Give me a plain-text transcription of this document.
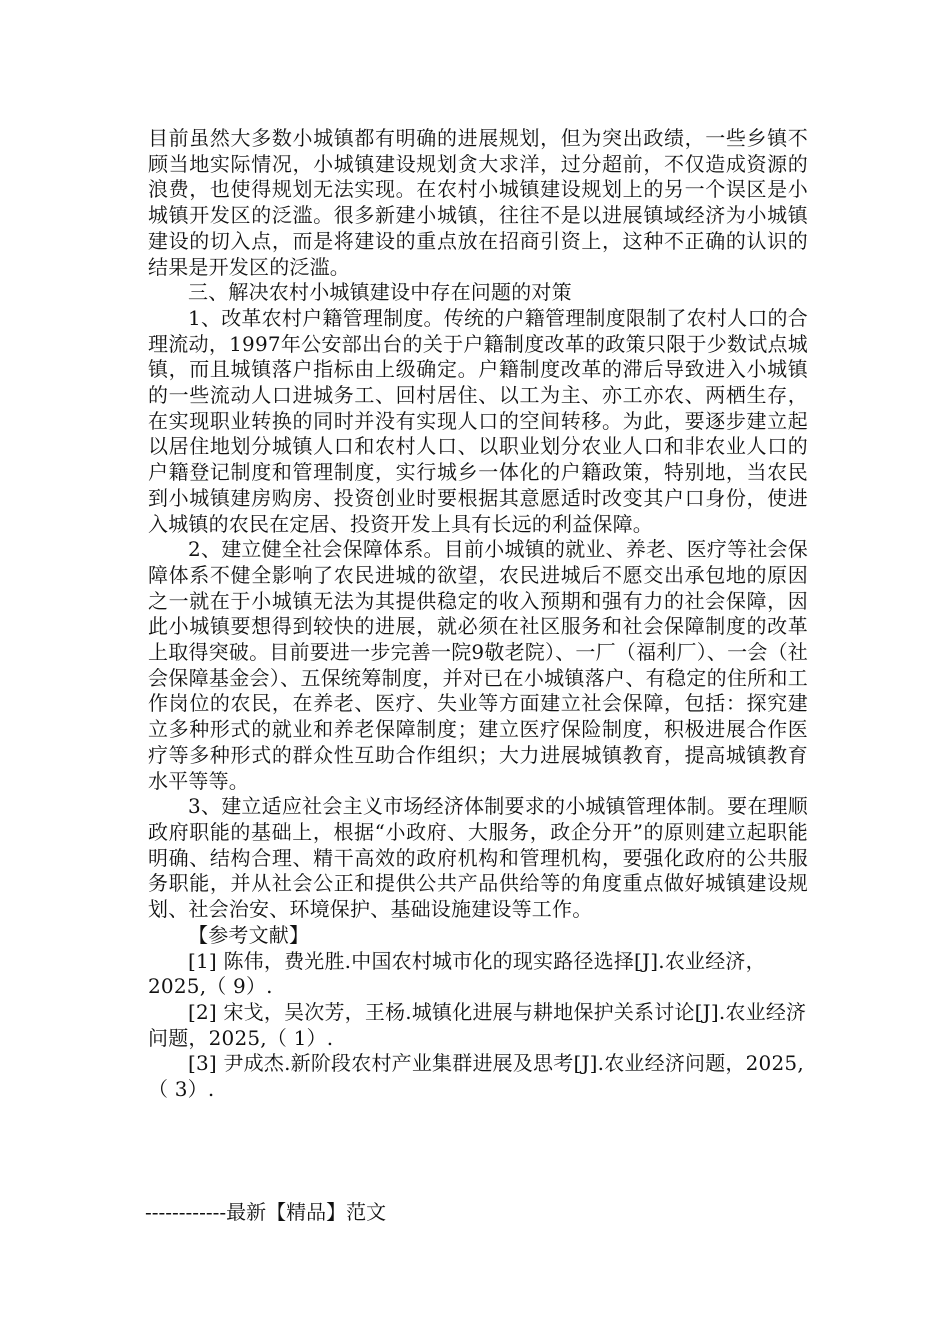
目前虽然大多数小城镇都有明确的进展规划，但为突出政绩，一些乡镇不顾当地实际情况，小城镇建设规划贪大求洋，过分超前，不仅造成资源的浪费，也使得规划无法实现。在农村小城镇建设规划上的另一个误区是小城镇开发区的泛滥。很多新建小城镇，往往不是以进展镇域经济为小城镇建设的切入点，而是将建设的重点放在招商引资上，这种不正确的认识的结果是开发区的泛滥。

三、解决农村小城镇建设中存在问题的对策

1、改革农村户籍管理制度。传统的户籍管理制度限制了农村人口的合理流动，1997年公安部出台的关于户籍制度改革的政策只限于少数试点城镇，而且城镇落户指标由上级确定。户籍制度改革的滞后导致进入小城镇的一些流动人口进城务工、回村居住、以工为主、亦工亦农、两栖生存，在实现职业转换的同时并没有实现人口的空间转移。为此，要逐步建立起以居住地划分城镇人口和农村人口、以职业划分农业人口和非农业人口的户籍登记制度和管理制度，实行城乡一体化的户籍政策，特别地，当农民到小城镇建房购房、投资创业时要根据其意愿适时改变其户口身份，使进入城镇的农民在定居、投资开发上具有长远的利益保障。

2、建立健全社会保障体系。目前小城镇的就业、养老、医疗等社会保障体系不健全影响了农民进城的欲望，农民进城后不愿交出承包地的原因之一就在于小城镇无法为其提供稳定的收入预期和强有力的社会保障，因此小城镇要想得到较快的进展，就必须在社区服务和社会保障制度的改革上取得突破。目前要进一步完善一院9敬老院）、一厂（福利厂）、一会（社会保障基金会）、五保统筹制度，并对已在小城镇落户、有稳定的住所和工作岗位的农民，在养老、医疗、失业等方面建立社会保障，包括：探究建立多种形式的就业和养老保障制度；建立医疗保险制度，积极进展合作医疗等多种形式的群众性互助合作组织；大力进展城镇教育，提高城镇教育水平等等。

3、建立适应社会主义市场经济体制要求的小城镇管理体制。要在理顺政府职能的基础上，根据“小政府、大服务，政企分开”的原则建立起职能明确、结构合理、精干高效的政府机构和管理机构，要强化政府的公共服务职能，并从社会公正和提供公共产品供给等的角度重点做好城镇建设规划、社会治安、环境保护、基础设施建设等工作。

【参考文献】

[1] 陈伟，费光胜.中国农村城市化的现实路径选择[J].农业经济，2025,（ 9）.

[2] 宋戈，吴次芳，王杨.城镇化进展与耕地保护关系讨论[J].农业经济问题，2025,（ 1）.

[3] 尹成杰.新阶段农村产业集群进展及思考[J].农业经济问题，2025,（ 3）.

------------最新【精品】范文
